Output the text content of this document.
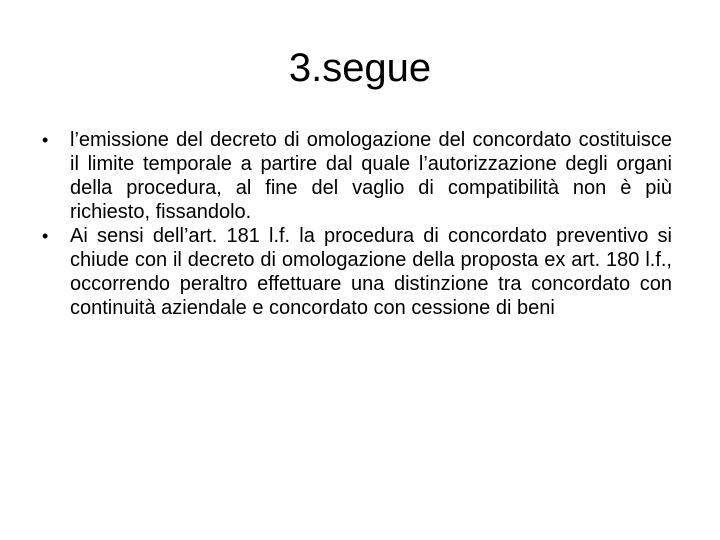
3.segue
•	l’emissione del decreto di omologazione del concordato costituisce il limite temporale a partire dal quale l’autorizzazione degli organi della procedura, al fine del vaglio di compatibilità non è più richiesto, fissandolo.
•	Ai sensi dell’art. 181 l.f. la procedura di concordato preventivo si chiude con il decreto di omologazione della proposta ex art. 180 l.f., occorrendo peraltro effettuare una distinzione tra concordato con continuità aziendale e concordato con cessione di beni
